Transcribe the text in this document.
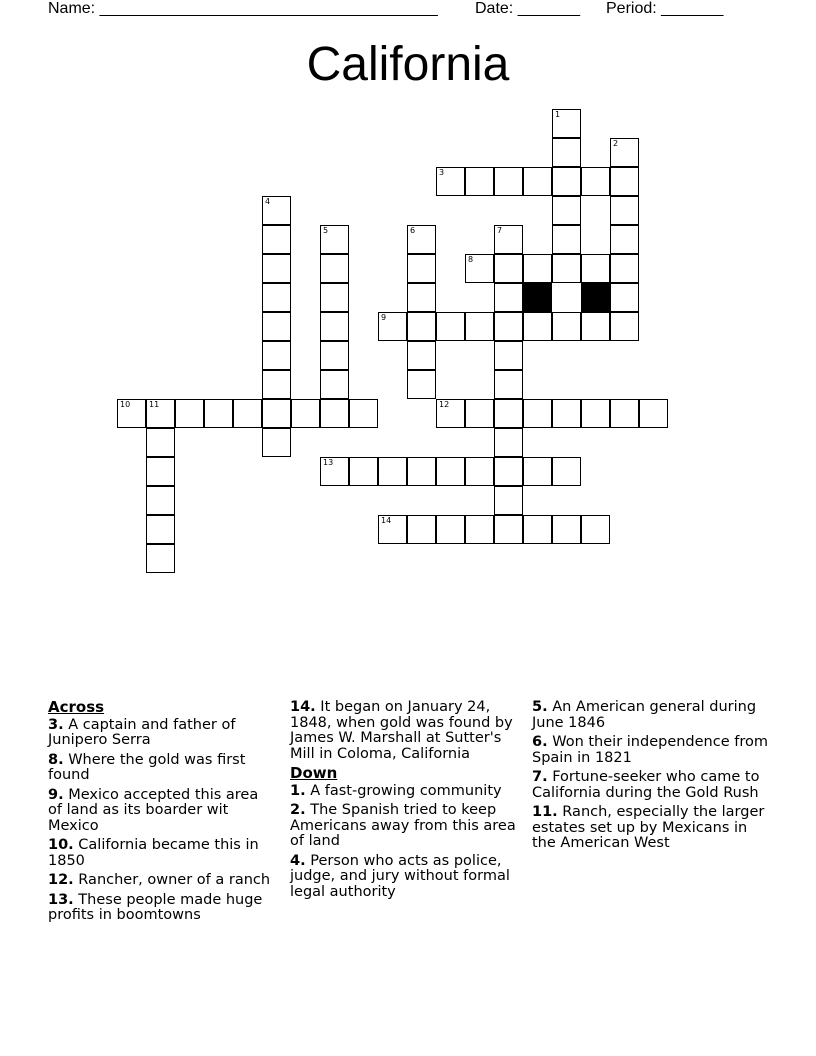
Name: ______________________________________ Date: _______ Period: _______
California
3
8
9
10 11	12
13
14
1
2
4
5	6	7
Across
3. A captain and father of Junipero Serra
8. Where the gold was first found
9. Mexico accepted this area of land as its boarder wit Mexico
10. California became this in 1850
12. Rancher, owner of a ranch
13. These people made huge profits in boomtowns
14. It began on January 24, 1848, when gold was found by James W. Marshall at Sutter's Mill in Coloma, California
Down
1. A fast-growing community
2. The Spanish tried to keep Americans away from this area of land
4. Person who acts as police, judge, and jury without formal legal authority
5. An American general during June 1846
6. Won their independence from Spain in 1821
7. Fortune-seeker who came to California during the Gold Rush
11. Ranch, especially the larger estates set up by Mexicans in the American West
